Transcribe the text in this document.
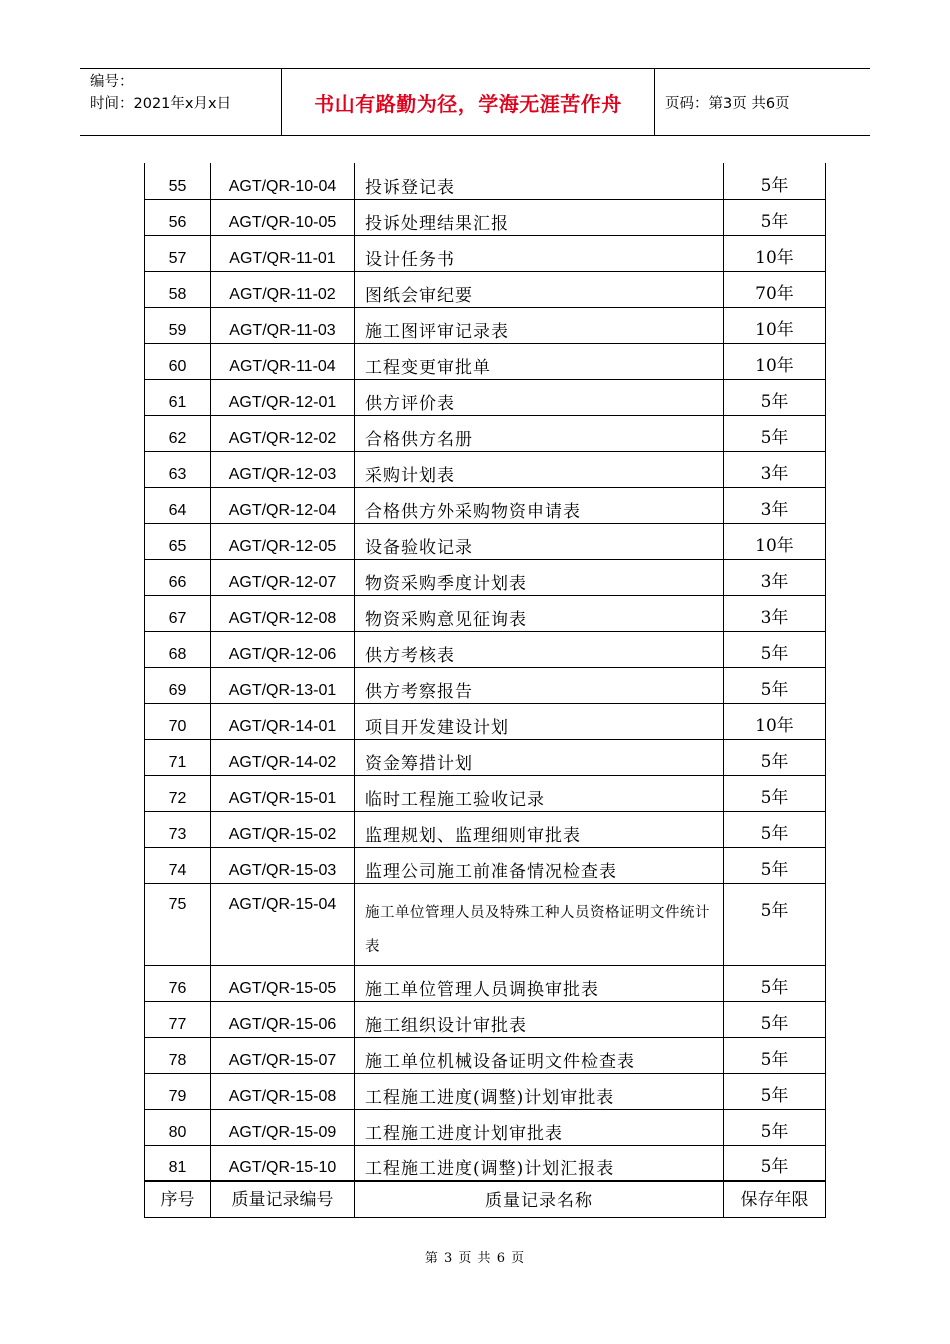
编号：
时间：2021年x月x日	书山有路勤为径，学海无涯苦作舟	页码：第3页 共6页
55	AGT/QR-10-04	投诉登记表	5年
56	AGT/QR-10-05	投诉处理结果汇报	5年
57	AGT/QR-11-01	设计任务书	10年
58	AGT/QR-11-02	图纸会审纪要	70年
59	AGT/QR-11-03	施工图评审记录表	10年
60	AGT/QR-11-04	工程变更审批单	10年
61	AGT/QR-12-01	供方评价表	5年
62	AGT/QR-12-02	合格供方名册	5年
63	AGT/QR-12-03	采购计划表	3年
64	AGT/QR-12-04	合格供方外采购物资申请表	3年
65	AGT/QR-12-05	设备验收记录	10年
66	AGT/QR-12-07	物资采购季度计划表	3年
67	AGT/QR-12-08	物资采购意见征询表	3年
68	AGT/QR-12-06	供方考核表	5年
69	AGT/QR-13-01	供方考察报告	5年
70	AGT/QR-14-01	项目开发建设计划	10年
71	AGT/QR-14-02	资金筹措计划	5年
72	AGT/QR-15-01	临时工程施工验收记录	5年
73	AGT/QR-15-02	监理规划、监理细则审批表	5年
74	AGT/QR-15-03	监理公司施工前准备情况检查表	5年
75	AGT/QR-15-04	施工单位管理人员及特殊工种人员资格证明文件统计表	5年
76	AGT/QR-15-05	施工单位管理人员调换审批表	5年
77	AGT/QR-15-06	施工组织设计审批表	5年
78	AGT/QR-15-07	施工单位机械设备证明文件检查表	5年
79	AGT/QR-15-08	工程施工进度(调整)计划审批表	5年
80	AGT/QR-15-09	工程施工进度计划审批表	5年
81	AGT/QR-15-10	工程施工进度(调整)计划汇报表	5年
序号	质量记录编号	质量记录名称	保存年限
第 3 页 共 6 页
